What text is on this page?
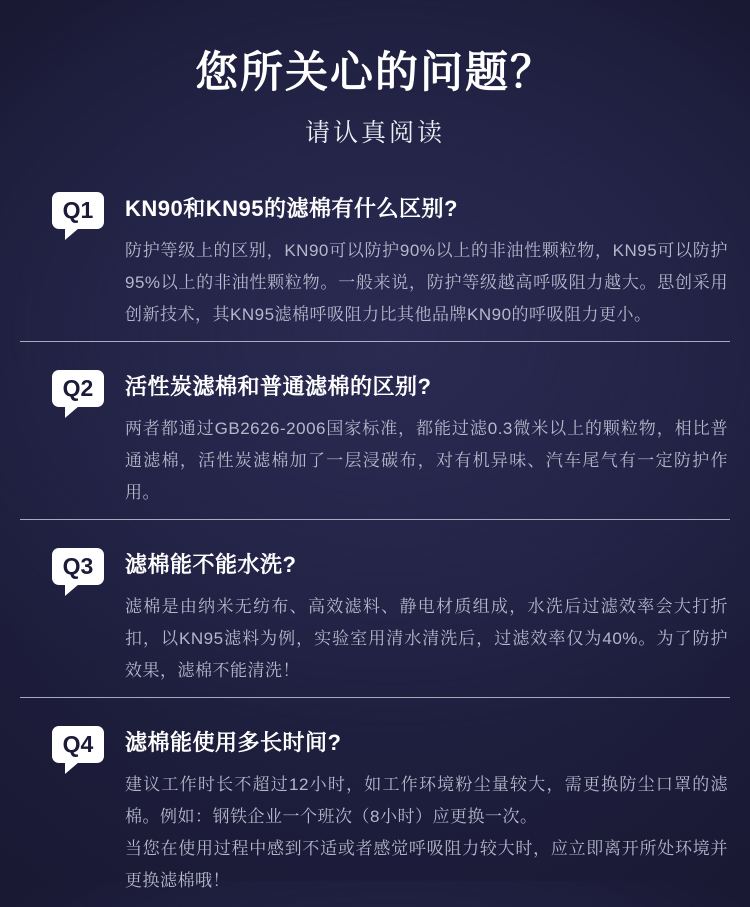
您所关心的问题？

请认真阅读

Q1 KN90和KN95的滤棉有什么区别?

防护等级上的区别，KN90可以防护90%以上的非油性颗粒物，KN95可以防护95%以上的非油性颗粒物。一般来说，防护等级越高呼吸阻力越大。思创采用创新技术，其KN95滤棉呼吸阻力比其他品牌KN90的呼吸阻力更小。

Q2 活性炭滤棉和普通滤棉的区别?

两者都通过GB2626-2006国家标准，都能过滤0.3微米以上的颗粒物，相比普通滤棉，活性炭滤棉加了一层浸碳布，对有机异味、汽车尾气有一定防护作用。

Q3 滤棉能不能水洗?

滤棉是由纳米无纺布、高效滤料、静电材质组成，水洗后过滤效率会大打折扣，以KN95滤料为例，实验室用清水清洗后，过滤效率仅为40%。为了防护效果，滤棉不能清洗！

Q4 滤棉能使用多长时间?

建议工作时长不超过12小时，如工作环境粉尘量较大，需更换防尘口罩的滤棉。例如：钢铁企业一个班次（8小时）应更换一次。

当您在使用过程中感到不适或者感觉呼吸阻力较大时，应立即离开所处环境并更换滤棉哦！
